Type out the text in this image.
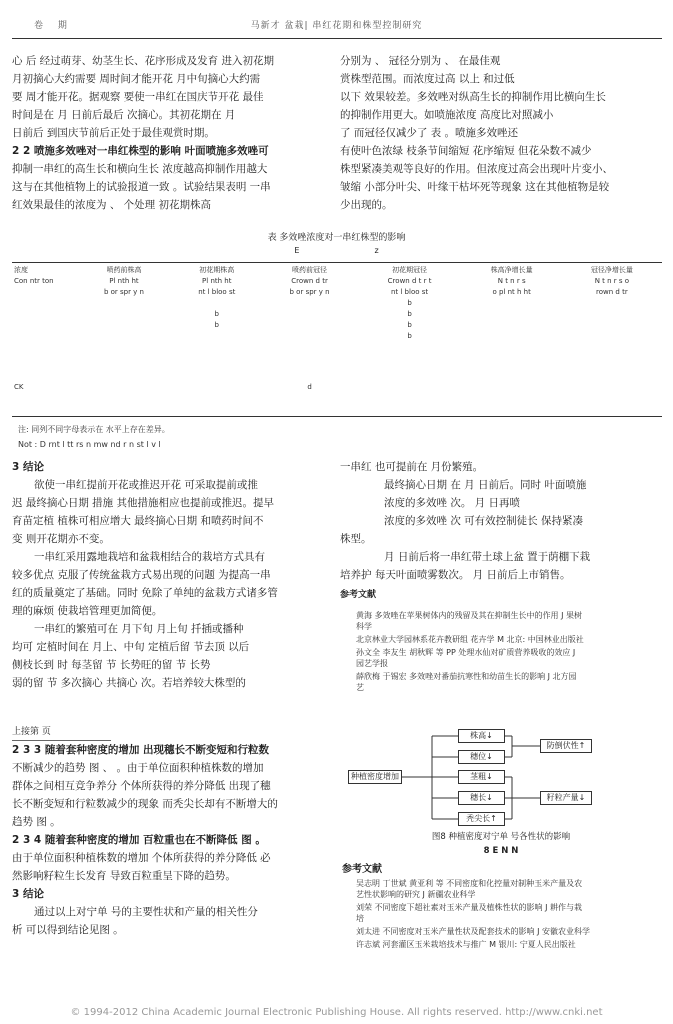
卷 期	马新才 盆栽| 串红花期和株型控制研究

心 后 经过萌芽、幼茎生长、花序形成及发育 进入初花期

月初摘心大约需要 周时间才能开花 月中旬摘心大约需

要 周才能开花。据观察 要使一串红在国庆节开花 最佳

时间是在 月 日前后最后 次摘心。其初花期在 月

日前后 到国庆节前后正处于最佳观赏时期。

2 2 喷施多效唑对一串红株型的影响 叶面喷施多效唑可

抑制一串红的高生长和横向生长 浓度越高抑制作用越大

这与在其他植物上的试验报道一致 。试验结果表明 一串

红效果最佳的浓度为 、 个处理 初花期株高

分别为 、 冠径分别为 、 在最佳观

赏株型范围。而浓度过高 以上 和过低

以下 效果较差。多效唑对纵高生长的抑制作用比横向生长

的抑制作用更大。如喷施浓度 高度比对照减小

了 而冠径仅减少了 表 。喷施多效唑还

有使叶色浓绿 枝条节间缩短 花序缩短 但花朵数不减少

株型紧凑美观等良好的作用。但浓度过高会出现叶片变小、

皱缩 小部分叶尖、叶缘干枯坏死等现象 这在其他植物是较

少出现的。

表 多效唑浓度对一串红株型的影响
E	z
浓度	喷药前株高	初花期株高	喷药前冠径	初花期冠径	株高净增长量	冠径净增长量
Con ntr ton	Pl nth ht	Pl nth ht	Crown d tr	Crown d t r t	N t n r s	N t n r s o
	b or spr y n	nt l bloo st	b or spr y n	nt l bloo st	o pl nt h ht	rown d tr
				b		
		b		b		
		b		b		
				b		

CK			d			
注: 同列不同字母表示在 水平上存在差异。
Not : D rnt l tt rs n mw nd r n st l v l

3 结论

欲使一串红提前开花或推迟开花 可采取提前或推

迟 最终摘心日期 措施 其他措施相应也提前或推迟。提早

育苗定植 植株可相应增大 最终摘心日期 和喷药时间不

变 则开花期亦不变。

一串红采用露地栽培和盆栽相结合的栽培方式具有

较多优点 克服了传统盆栽方式易出现的问题 为提高一串

红的质量奠定了基础。同时 免除了单纯的盆栽方式诸多管

理的麻烦 使栽培管理更加简便。

一串红的繁殖可在 月下旬 月上旬 扦插或播种

均可 定植时间在 月上、中旬 定植后留 节去顶 以后

侧枝长到 时 每茎留 节 长势旺的留 节 长势

弱的留 节 多次摘心 共摘心 次。若培养较大株型的

一串红 也可提前在 月份繁殖。

最终摘心日期 在 月 日前后。同时 叶面喷施

浓度的多效唑 次。 月 日再喷

浓度的多效唑 次 可有效控制徒长 保持紧凑

株型。

月 日前后将一串红带土球上盆 置于荫棚下栽

培养护 每天叶面喷雾数次。 月 日前后上市销售。

参考文献

黄海 多效唑在苹果树体内的残留及其在抑制生长中的作用 J 果树
科学
北京林业大学园林系花卉教研组 花卉学 M 北京: 中国林业出版社
孙文全 李友生 胡秋辉 等 PP 处理水仙对矿质营养吸收的效应 J
园艺学报
薛欣梅 于锡宏 多效唑对番茄抗寒性和幼苗生长的影响 J 北方园
艺

上接第 页

2 3 3 随着套种密度的增加 出现穗长不断变短和行粒数

不断减少的趋势 图 、 。由于单位面积种植株数的增加

群体之间相互竞争养分 个体所获得的养分降低 出现了穗

长不断变短和行粒数减少的现象 而秃尖长却有不断增大的

趋势 图 。

2 3 4 随着套种密度的增加 百粒重也在不断降低 图 。

由于单位面积种植株数的增加 个体所获得的养分降低 必

然影响籽粒生长发育 导致百粒重呈下降的趋势。

3 结论

通过以上对宁单 号的主要性状和产量的相关性分

析 可以得到结论见图 。

种植密度增加
株高↓
穗位↓
茎粗↓
穗长↓
秃尖长↑
防倒伏性↑
籽粒产量↓
图8 种植密度对宁单 号各性状的影响
8 E N N
参考文献
吴志明 丁世斌 黄亚利 等 不同密度和化控量对制种玉米产量及农
艺性状影响的研究 J 新疆农业科学
刘荣 不同密度下超社素对玉米产量及植株性状的影响 J 耕作与栽
培
刘太进 不同密度对玉米产量性状及配套技术的影响 J 安徽农业科学
许志斌 河套灌区玉米栽培技术与推广 M 银川: 宁夏人民出版社
© 1994-2012 China Academic Journal Electronic Publishing House. All rights reserved. http://www.cnki.net
